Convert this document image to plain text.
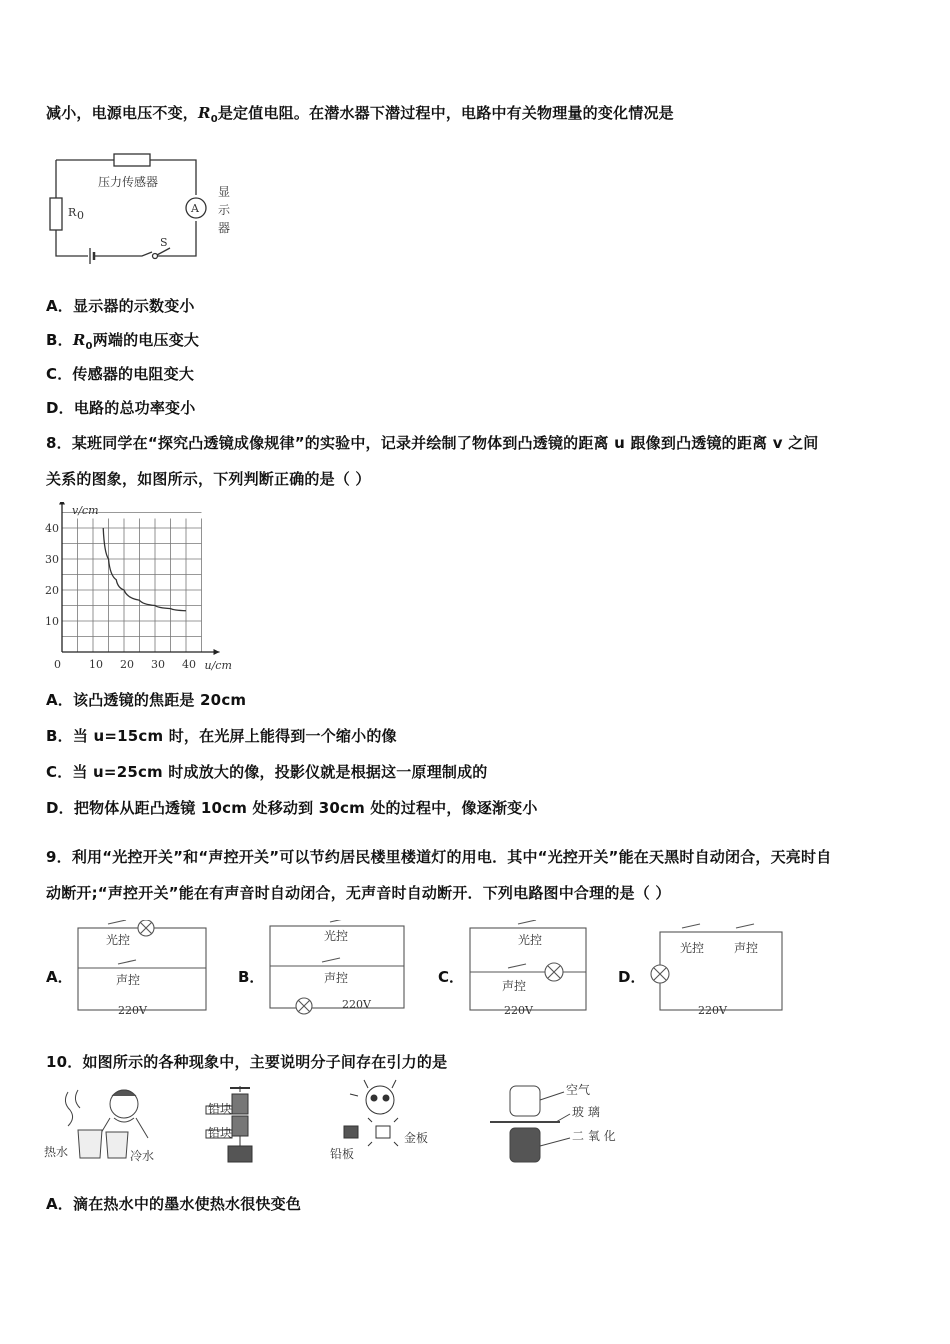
减小，电源电压不变，$R_0$是定值电阻。在潜水器下潜过程中，电路中有关物理量的变化情况是
压力传感器
R 0
A
显
示
器
S
A．显示器的示数变小
B．$R_0$两端的电压变大
C．传感器的电阻变大
D．电路的总功率变小
8．某班同学在“探究凸透镜成像规律”的实验中，记录并绘制了物体到凸透镜的距离 u 跟像到凸透镜的距离 v 之间
关系的图象，如图所示，下列判断正确的是（ ）
0	10 20 30 40
10
20
30
40
v/cm
u/cm
A．该凸透镜的焦距是 20cm
B．当 u=15cm 时，在光屏上能得到一个缩小的像
C．当 u=25cm 时成放大的像，投影仪就是根据这一原理制成的
D．把物体从距凸透镜 10cm 处移动到 30cm 处的过程中，像逐渐变小
9．利用“光控开关”和“声控开关”可以节约居民楼里楼道灯的用电．其中“光控开关”能在天黑时自动闭合，天亮时自
动断开;“声控开关”能在有声音时自动闭合，无声音时自动断开．下列电路图中合理的是（ ）
A．
光控
声控
220V
B．
光控
声控
220V
C．
光控
声控
220V
D．
光控 声控
220V
10．如图所示的各种现象中，主要说明分子间存在引力的是
热水	冷水
铅块
铅块
铅板
金板
空气
玻 璃
二 氧 化
A．滴在热水中的墨水使热水很快变色
